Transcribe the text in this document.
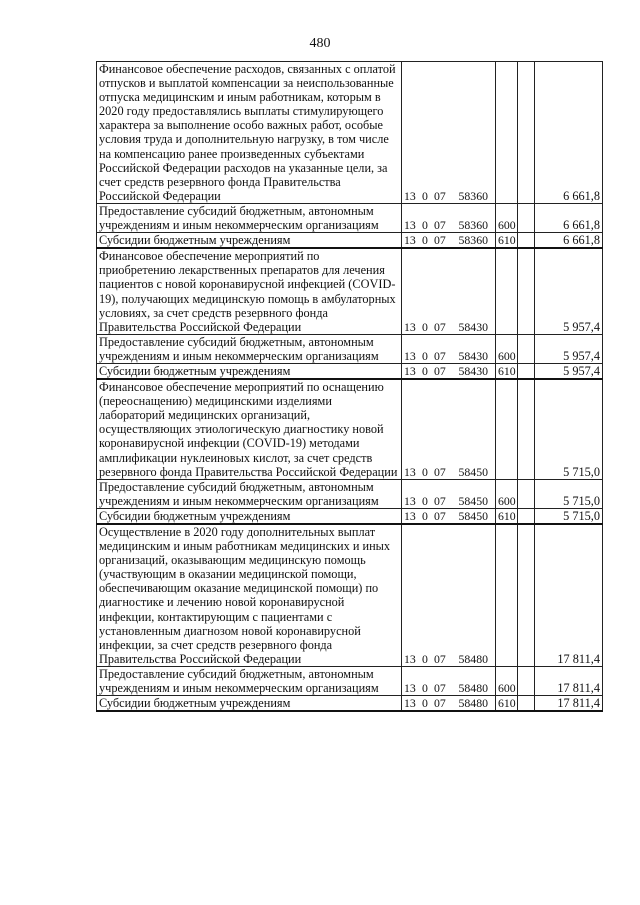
480
Финансовое обеспечение расходов, связанных с оплатой отпусков и выплатой компенсации за неиспользованные отпуска медицинским и иным работникам, которым в 2020 году предоставлялись выплаты стимулирующего характера за выполнение особо важных работ, особые условия труда и дополнительную нагрузку, в том числе на компенсацию ранее произведенных субъектами Российской Федерации расходов на указанные цели, за счет средств резервного фонда Правительства Российской Федерации	13 0 07 58360			6 661,8
Предоставление субсидий бюджетным, автономным учреждениям и иным некоммерческим организациям	13 0 07 58360	600		6 661,8
Субсидии бюджетным учреждениям	13 0 07 58360	610		6 661,8
Финансовое обеспечение мероприятий по приобретению лекарственных препаратов для лечения пациентов с новой коронавирусной инфекцией (COVID-19), получающих медицинскую помощь в амбулаторных условиях, за счет средств резервного фонда Правительства Российской Федерации	13 0 07 58430			5 957,4
Предоставление субсидий бюджетным, автономным учреждениям и иным некоммерческим организациям	13 0 07 58430	600		5 957,4
Субсидии бюджетным учреждениям	13 0 07 58430	610		5 957,4
Финансовое обеспечение мероприятий по оснащению (переоснащению) медицинскими изделиями лабораторий медицинских организаций, осуществляющих этиологическую диагностику новой коронавирусной инфекции (COVID-19) методами амплификации нуклеиновых кислот, за счет средств резервного фонда Правительства Российской Федерации	13 0 07 58450			5 715,0
Предоставление субсидий бюджетным, автономным учреждениям и иным некоммерческим организациям	13 0 07 58450	600		5 715,0
Субсидии бюджетным учреждениям	13 0 07 58450	610		5 715,0
Осуществление в 2020 году дополнительных выплат медицинским и иным работникам медицинских и иных организаций, оказывающим медицинскую помощь (участвующим в оказании медицинской помощи, обеспечивающим оказание медицинской помощи) по диагностике и лечению новой коронавирусной инфекции, контактирующим с пациентами с установленным диагнозом новой коронавирусной инфекции, за счет средств резервного фонда Правительства Российской Федерации	13 0 07 58480			17 811,4
Предоставление субсидий бюджетным, автономным учреждениям и иным некоммерческим организациям	13 0 07 58480	600		17 811,4
Субсидии бюджетным учреждениям	13 0 07 58480	610		17 811,4
